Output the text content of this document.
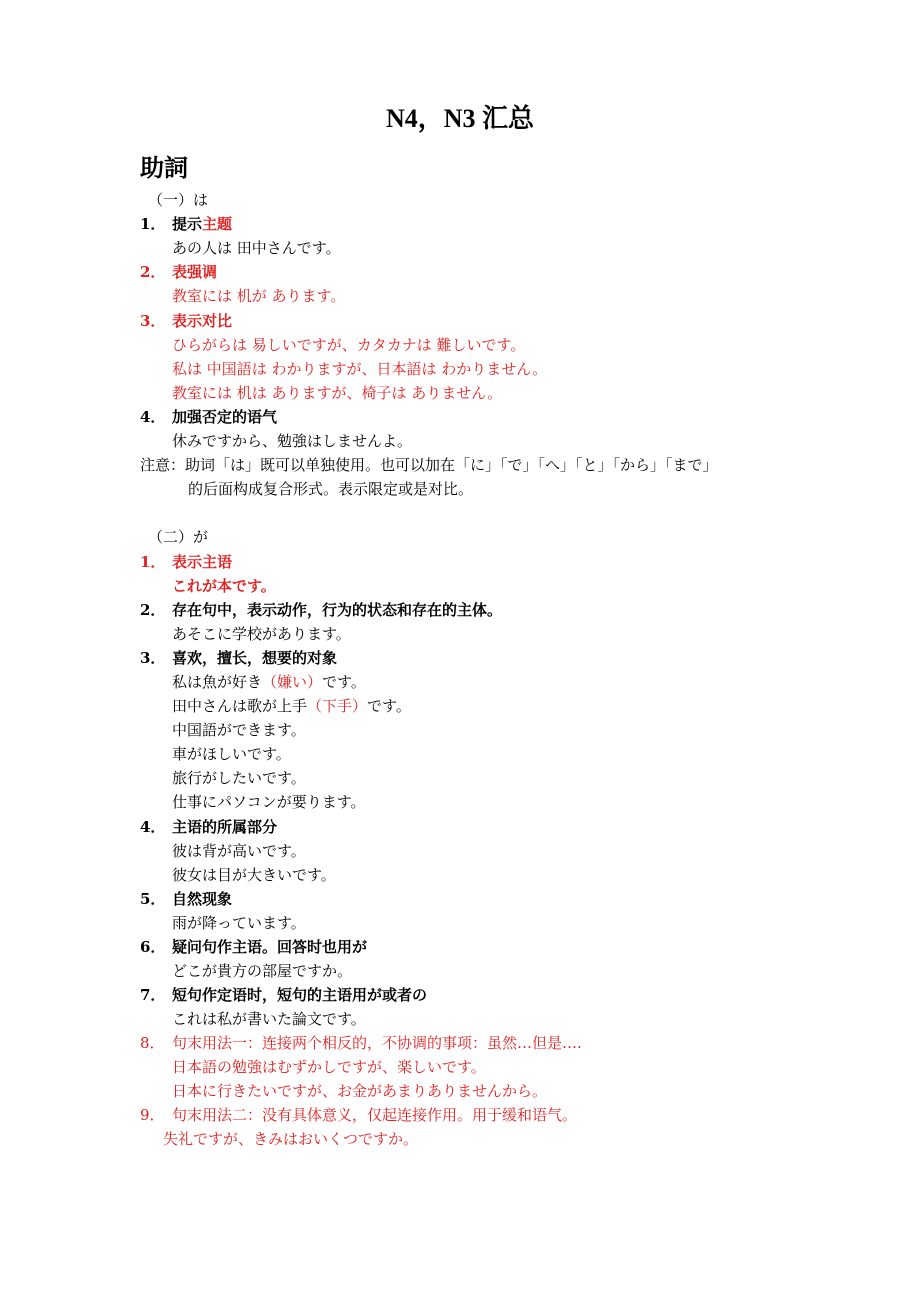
N4，N3 汇总
助詞
（一）は
1． 提示主题
あの人は 田中さんです。
2． 表强调
教室には 机が あります。
3． 表示对比
ひらがらは 易しいですが、カタカナは 難しいです。
私は 中国語は わかりますが、日本語は わかりません。
教室には 机は ありますが、椅子は ありません。
4． 加强否定的语气
休みですから、勉強はしませんよ。
注意：助词「は」既可以单独使用。也可以加在「に」「で」「へ」「と」「から」「まで」
的后面构成复合形式。表示限定或是对比。
（二）が
1． 表示主语
これが本です。
2． 存在句中，表示动作，行为的状态和存在的主体。
あそこに学校があります。
3． 喜欢，擅长，想要的对象
私は魚が好き（嫌い）です。
田中さんは歌が上手（下手）です。
中国語ができます。
車がほしいです。
旅行がしたいです。
仕事にパソコンが要ります。
4． 主语的所属部分
彼は背が高いです。
彼女は目が大きいです。
5． 自然现象
雨が降っています。
6． 疑问句作主语。回答时也用が
どこが貴方の部屋ですか。
7． 短句作定语时，短句的主语用が或者の
これは私が書いた論文です。
8． 句末用法一：连接两个相反的，不协调的事项：虽然…但是….
日本語の勉強はむずかしですが、楽しいです。
日本に行きたいですが、お金があまりありませんから。
9． 句末用法二：没有具体意义，仅起连接作用。用于缓和语气。
失礼ですが、きみはおいくつですか。
